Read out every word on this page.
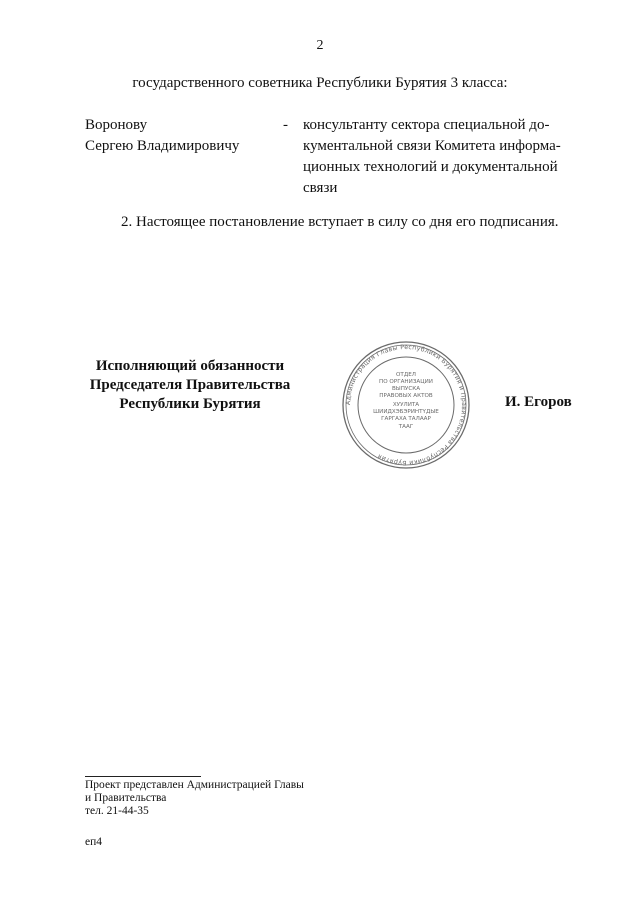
2
государственного советника Республики Бурятия 3 класса:
Воронову
Сергею Владимировичу
- консультанту сектора специальной до-
кументальной связи Комитета информа-
ционных технологий и документальной
связи
2. Настоящее постановление вступает в силу со дня его подписания.
Исполняющий обязанности
Председателя Правительства
Республики Бурятия	Администрация Главы Республики Бурятия и Правительства Республики Бурятия
ОТДЕЛ
ПО ОРГАНИЗАЦИИ
ВЫПУСКА
ПРАВОВЫХ АКТОВ
ХУУЛИТА
ШИИДХЭБЭРИНТҮДЫЕ
ГАРГАХА ТАЛААР
ТААГ
И. Егоров
Проект представлен Администрацией Главы
и Правительства
тел. 21-44-35
еп4
